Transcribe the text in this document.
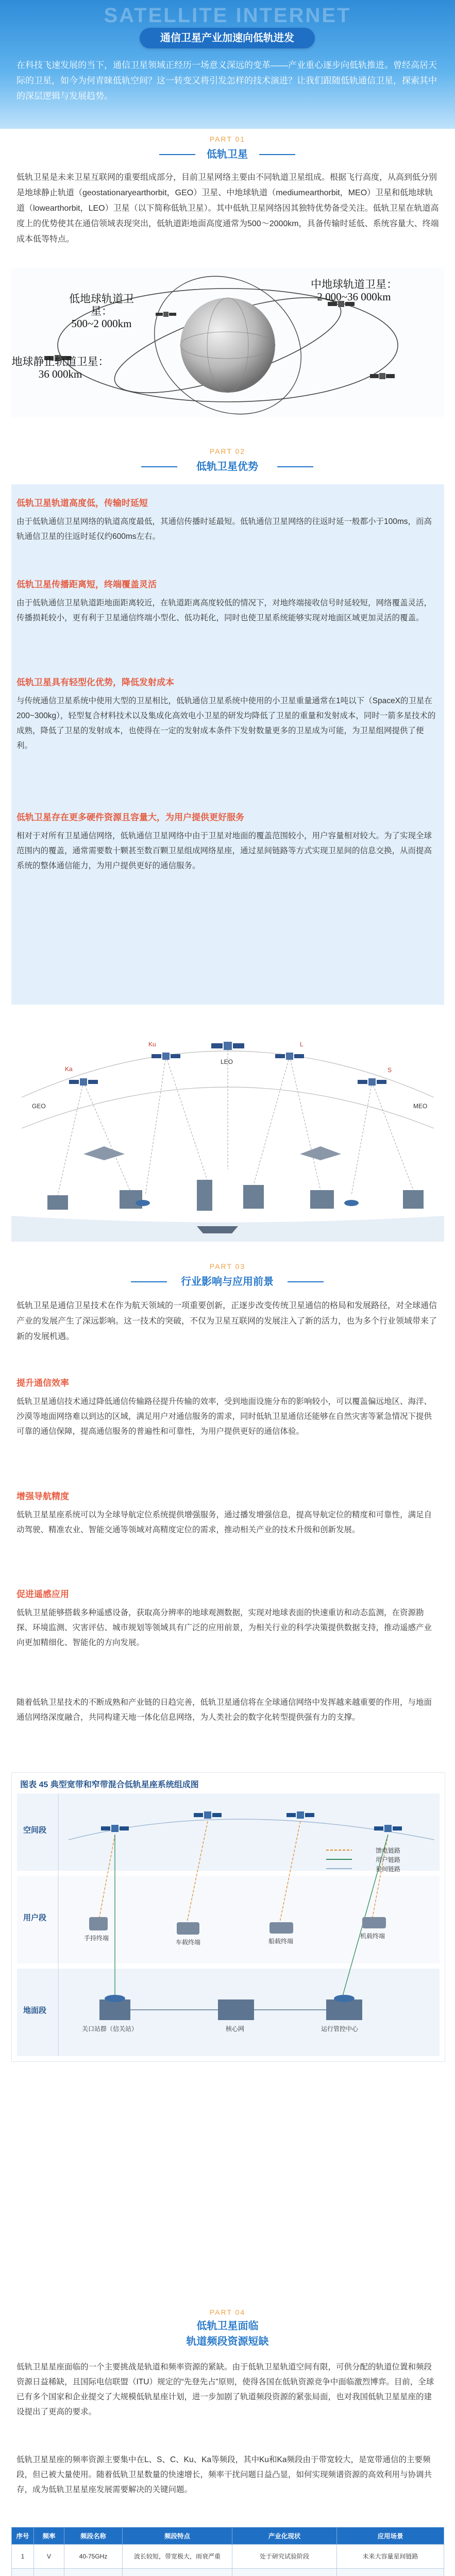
SATELLITE INTERNET
通信卫星产业加速向低轨进发
在科技飞速发展的当下，通信卫星领域正经历一场意义深远的变革——产业重心逐步向低轨推进。曾经高居天际的卫星，如今为何青睐低轨空间？这一转变又将引发怎样的技术演进？让我们跟随低轨通信卫星，探索其中的深层逻辑与发展趋势。
PART 01
低轨卫星
低轨卫星是未来卫星互联网的重要组成部分，目前卫星网络主要由不同轨道卫星组成。根据飞行高度，从高到低分别是地球静止轨道（geostationaryearthorbit，GEO）卫星、中地球轨道（mediumearthorbit，MEO）卫星和低地球轨道（lowearthorbit，LEO）卫星（以下简称低轨卫星）。其中低轨卫星网络因其独特优势备受关注。低轨卫星在轨道高度上的优势使其在通信领域表现突出，低轨道距地面高度通常为500～2000km，具备传输时延低、系统容量大、终端成本低等特点。
低地球轨道卫星：
500~2 000km
中地球轨道卫星：
2 000~36 000km
地球静止轨道卫星：
36 000km
PART 02
低轨卫星优势
低轨卫星轨道高度低，传输时延短
由于低轨通信卫星网络的轨道高度最低，其通信传播时延最短。低轨通信卫星网络的往返时延一般都小于100ms，而高轨通信卫星的往返时延仅约600ms左右。
低轨卫星传播距离短，终端覆盖灵活
由于低轨通信卫星轨道距地面距离较近，在轨道距离高度较低的情况下，对地终端接收信号时延较短，网络覆盖灵活，传播损耗较小，更有利于卫星通信终端小型化、低功耗化，同时也使卫星系统能够实现对地面区域更加灵活的覆盖。
低轨卫星具有轻型化优势，降低发射成本
与传统通信卫星系统中使用大型的卫星相比，低轨通信卫星系统中使用的小卫星重量通常在1吨以下（SpaceX的卫星在200~300kg），轻型复合材料技术以及集成化高效电小卫星的研发均降低了卫星的重量和发射成本，同时一箭多星技术的成熟，降低了卫星的发射成本，也使得在一定的发射成本条件下发射数量更多的卫星成为可能，为卫星组网提供了便利。
低轨卫星存在更多硬件资源且容量大，为用户提供更好服务
相对于对所有卫星通信网络，低轨通信卫星网络中由于卫星对地面的覆盖范围较小，用户容量相对较大。为了实现全球范围内的覆盖，通常需要数十颗甚至数百颗卫星组成网络星座，通过星间链路等方式实现卫星间的信息交换，从而提高系统的整体通信能力，为用户提供更好的通信服务。
Ka
Ku	L
S
LEO
GEO	MEO
PART 03
行业影响与应用前景
低轨卫星是通信卫星技术在作为航天领域的一项重要创新，正逐步改变传统卫星通信的格局和发展路径，对全球通信产业的发展产生了深远影响。这一技术的突破，不仅为卫星互联网的发展注入了新的活力，也为多个行业领域带来了新的发展机遇。
提升通信效率
低轨卫星通信技术通过降低通信传输路径提升传输的效率，受到地面设施分布的影响较小，可以覆盖偏远地区、海洋、沙漠等地面网络难以到达的区域，满足用户对通信服务的需求，同时低轨卫星通信还能够在自然灾害等紧急情况下提供可靠的通信保障，提高通信服务的普遍性和可靠性，为用户提供更好的通信体验。
增强导航精度
低轨卫星星座系统可以为全球导航定位系统提供增强服务，通过播发增强信息，提高导航定位的精度和可靠性，满足自动驾驶、精准农业、智能交通等领域对高精度定位的需求，推动相关产业的技术升级和创新发展。
促进遥感应用
低轨卫星能够搭载多种遥感设备，获取高分辨率的地球观测数据，实现对地球表面的快速重访和动态监测，在资源勘探、环境监测、灾害评估、城市规划等领域具有广泛的应用前景，为相关行业的科学决策提供数据支持，推动遥感产业向更加精细化、智能化的方向发展。
随着低轨卫星技术的不断成熟和产业链的日趋完善，低轨卫星通信将在全球通信网络中发挥越来越重要的作用，与地面通信网络深度融合，共同构建天地一体化信息网络，为人类社会的数字化转型提供强有力的支撑。
图表 45 典型宽带和窄带混合低轨星座系统组成图
空间段
用户段
地面段
馈电链路
用户链路
星间链路
手持终端
车载终端	船载终端
机载终端
关口站群（信关站）	核心网	运行管控中心
PART 04
低轨卫星面临
轨道频段资源短缺
低轨卫星星座面临的一个主要挑战是轨道和频率资源的紧缺。由于低轨卫星轨道空间有限，可供分配的轨道位置和频段资源日益稀缺，且国际电信联盟（ITU）规定的“先登先占”原则，使得各国在低轨资源竞争中面临激烈博弈。目前，全球已有多个国家和企业提交了大规模低轨星座计划，进一步加剧了轨道频段资源的紧张局面，也对我国低轨卫星星座的建设提出了更高的要求。
低轨卫星星座的频率资源主要集中在L、S、C、Ku、Ka等频段，其中Ku和Ka频段由于带宽较大，是宽带通信的主要频段，但已被大量使用。随着低轨卫星数量的快速增长，频率干扰问题日益凸显，如何实现频谱资源的高效利用与协调共存，成为低轨卫星星座发展需要解决的关键问题。
序号	频率	频段名称	频段特点	产业化现状	应用场景
1	V	40-75GHz	波长较短，带宽极大，雨衰严重	处于研究试验阶段	未来大容量星间链路
